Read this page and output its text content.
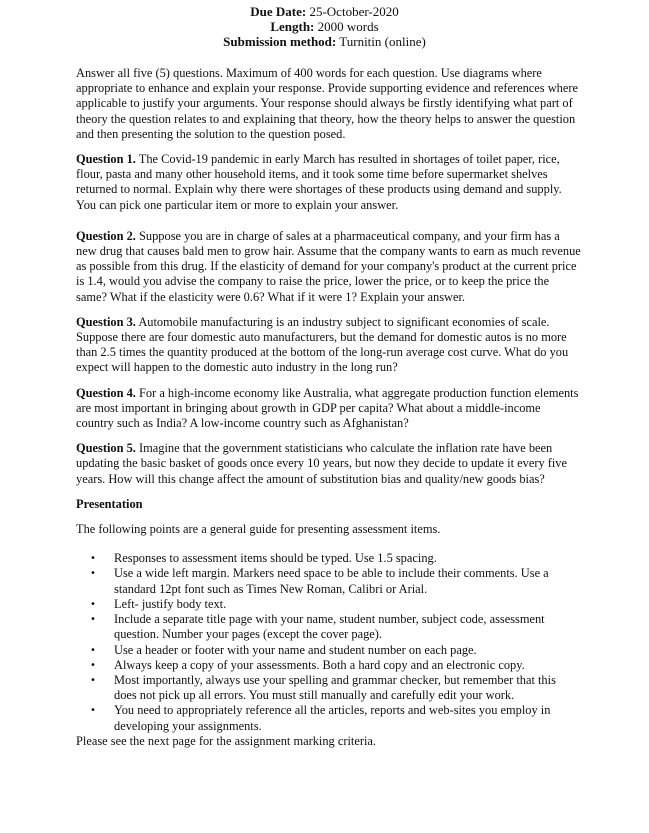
Due Date: 25-October-2020
Length: 2000 words
Submission method: Turnitin (online)

Answer all five (5) questions. Maximum of 400 words for each question. Use diagrams where appropriate to enhance and explain your response. Provide supporting evidence and references where applicable to justify your arguments. Your response should always be firstly identifying what part of theory the question relates to and explaining that theory, how the theory helps to answer the question and then presenting the solution to the question posed.

Question 1. The Covid-19 pandemic in early March has resulted in shortages of toilet paper, rice, flour, pasta and many other household items, and it took some time before supermarket shelves returned to normal. Explain why there were shortages of these products using demand and supply. You can pick one particular item or more to explain your answer.

Question 2. Suppose you are in charge of sales at a pharmaceutical company, and your firm has a new drug that causes bald men to grow hair. Assume that the company wants to earn as much revenue as possible from this drug. If the elasticity of demand for your company's product at the current price is 1.4, would you advise the company to raise the price, lower the price, or to keep the price the same? What if the elasticity were 0.6? What if it were 1? Explain your answer.

Question 3. Automobile manufacturing is an industry subject to significant economies of scale. Suppose there are four domestic auto manufacturers, but the demand for domestic autos is no more than 2.5 times the quantity produced at the bottom of the long-run average cost curve. What do you expect will happen to the domestic auto industry in the long run?

Question 4. For a high-income economy like Australia, what aggregate production function elements are most important in bringing about growth in GDP per capita? What about a middle-income country such as India? A low-income country such as Afghanistan?

Question 5. Imagine that the government statisticians who calculate the inflation rate have been updating the basic basket of goods once every 10 years, but now they decide to update it every five years. How will this change affect the amount of substitution bias and quality/new goods bias?

Presentation

The following points are a general guide for presenting assessment items.

• Responses to assessment items should be typed. Use 1.5 spacing.
• Use a wide left margin. Markers need space to be able to include their comments. Use a standard 12pt font such as Times New Roman, Calibri or Arial.
• Left- justify body text.
• Include a separate title page with your name, student number, subject code, assessment question. Number your pages (except the cover page).
• Use a header or footer with your name and student number on each page.
• Always keep a copy of your assessments. Both a hard copy and an electronic copy.
• Most importantly, always use your spelling and grammar checker, but remember that this does not pick up all errors. You must still manually and carefully edit your work.
• You need to appropriately reference all the articles, reports and web-sites you employ in developing your assignments.
Please see the next page for the assignment marking criteria.
